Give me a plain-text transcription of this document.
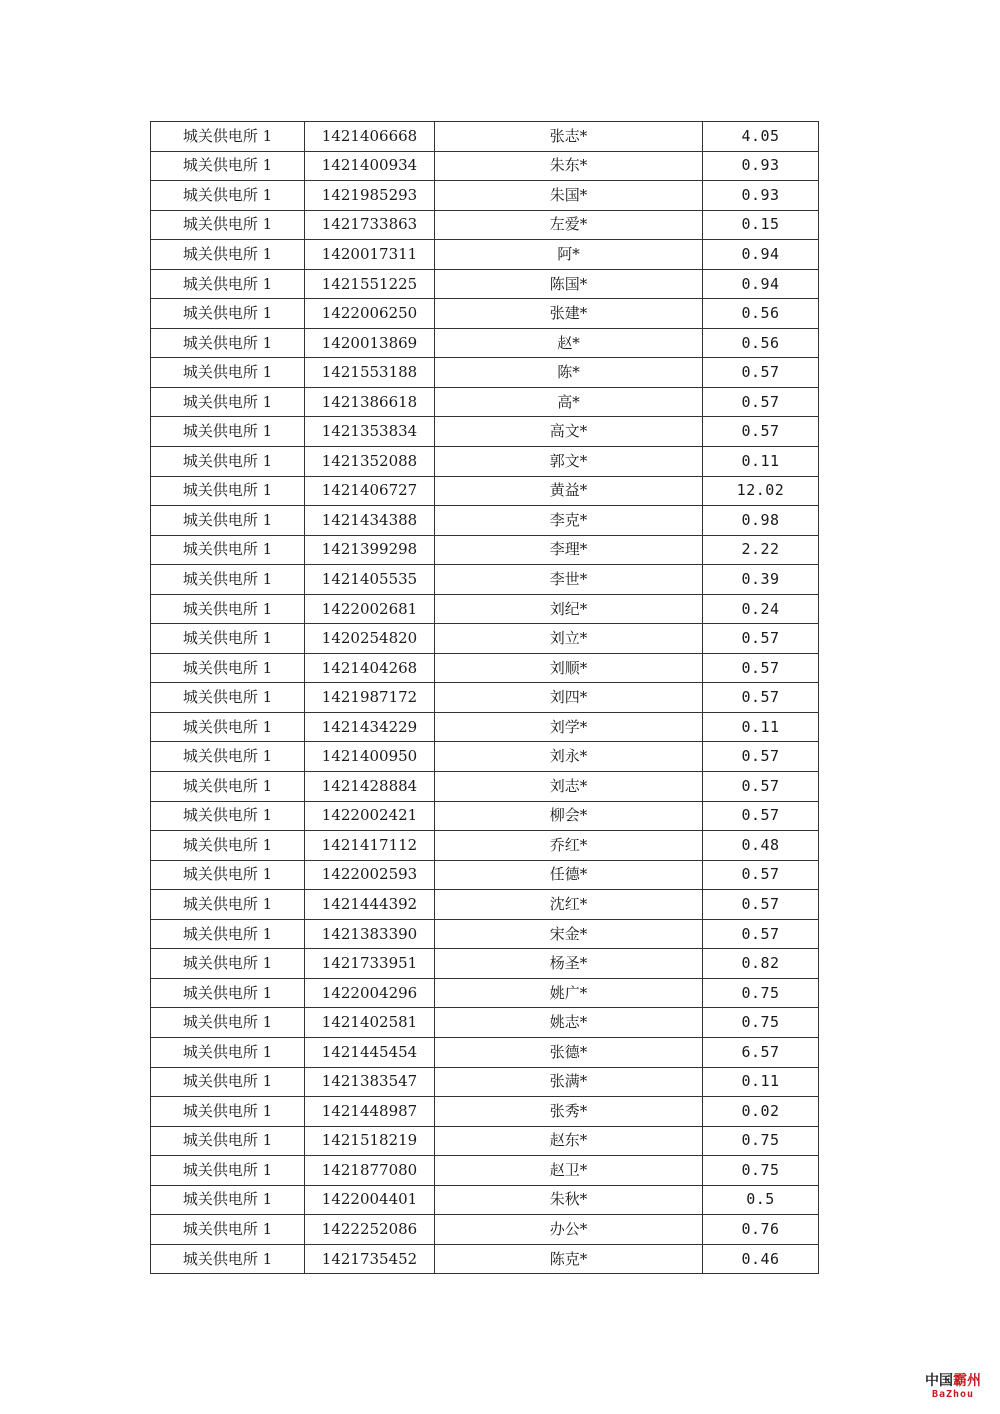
城关供电所 1	1421406668	张志*	4.05
城关供电所 1	1421400934	朱东*	0.93
城关供电所 1	1421985293	朱国*	0.93
城关供电所 1	1421733863	左爱*	0.15
城关供电所 1	1420017311	阿*	0.94
城关供电所 1	1421551225	陈国*	0.94
城关供电所 1	1422006250	张建*	0.56
城关供电所 1	1420013869	赵*	0.56
城关供电所 1	1421553188	陈*	0.57
城关供电所 1	1421386618	高*	0.57
城关供电所 1	1421353834	高文*	0.57
城关供电所 1	1421352088	郭文*	0.11
城关供电所 1	1421406727	黄益*	12.02
城关供电所 1	1421434388	李克*	0.98
城关供电所 1	1421399298	李理*	2.22
城关供电所 1	1421405535	李世*	0.39
城关供电所 1	1422002681	刘纪*	0.24
城关供电所 1	1420254820	刘立*	0.57
城关供电所 1	1421404268	刘顺*	0.57
城关供电所 1	1421987172	刘四*	0.57
城关供电所 1	1421434229	刘学*	0.11
城关供电所 1	1421400950	刘永*	0.57
城关供电所 1	1421428884	刘志*	0.57
城关供电所 1	1422002421	柳会*	0.57
城关供电所 1	1421417112	乔红*	0.48
城关供电所 1	1422002593	任德*	0.57
城关供电所 1	1421444392	沈红*	0.57
城关供电所 1	1421383390	宋金*	0.57
城关供电所 1	1421733951	杨圣*	0.82
城关供电所 1	1422004296	姚广*	0.75
城关供电所 1	1421402581	姚志*	0.75
城关供电所 1	1421445454	张德*	6.57
城关供电所 1	1421383547	张满*	0.11
城关供电所 1	1421448987	张秀*	0.02
城关供电所 1	1421518219	赵东*	0.75
城关供电所 1	1421877080	赵卫*	0.75
城关供电所 1	1422004401	朱秋*	0.5
城关供电所 1	1422252086	办公*	0.76
城关供电所 1	1421735452	陈克*	0.46
中国霸州
BaZhou
